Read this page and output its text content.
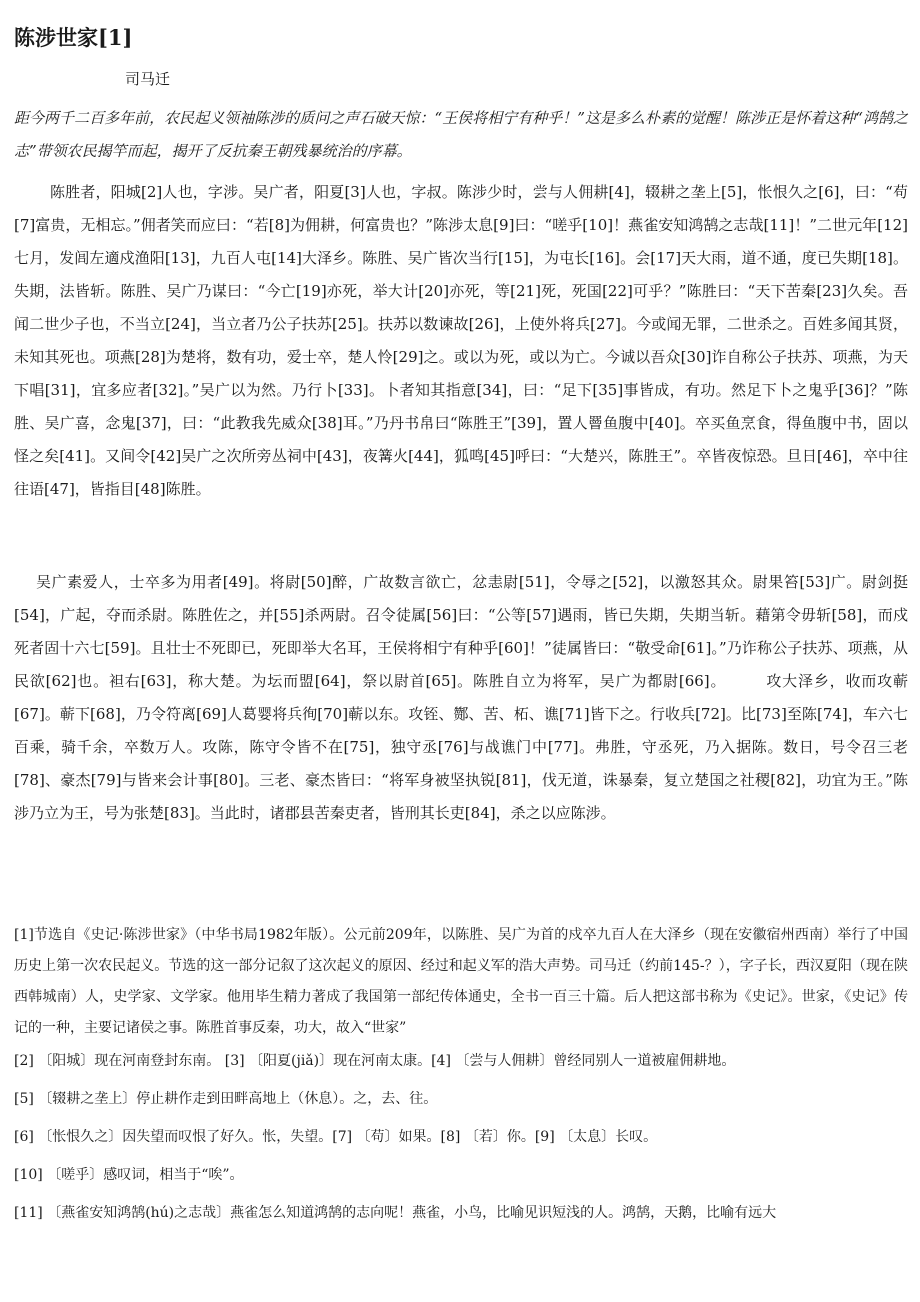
陈涉世家[1]
司马迁
距今两千二百多年前，农民起义领袖陈涉的质问之声石破天惊：“王侯将相宁有种乎！”这是多么朴素的觉醒！陈涉正是怀着这种“鸿鹄之志”带领农民揭竿而起，揭开了反抗秦王朝残暴统治的序幕。
陈胜者，阳城[2]人也，字涉。吴广者，阳夏[3]人也，字叔。陈涉少时，尝与人佣耕[4]，辍耕之垄上[5]，怅恨久之[6]，曰：“苟[7]富贵，无相忘。”佣者笑而应曰：“若[8]为佣耕，何富贵也？”陈涉太息[9]曰：“嗟乎[10]！燕雀安知鸿鹄之志哉[11]！”二世元年[12]七月，发闾左適戍渔阳[13]，九百人屯[14]大泽乡。陈胜、吴广皆次当行[15]，为屯长[16]。会[17]天大雨，道不通，度已失期[18]。失期，法皆斩。陈胜、吴广乃谋曰：“今亡[19]亦死，举大计[20]亦死，等[21]死，死国[22]可乎？”陈胜曰：“天下苦秦[23]久矣。吾闻二世少子也，不当立[24]，当立者乃公子扶苏[25]。扶苏以数谏故[26]，上使外将兵[27]。今或闻无罪，二世杀之。百姓多闻其贤，未知其死也。项燕[28]为楚将，数有功，爱士卒，楚人怜[29]之。或以为死，或以为亡。今诚以吾众[30]诈自称公子扶苏、项燕，为天下唱[31]，宜多应者[32]。”吴广以为然。乃行卜[33]。卜者知其指意[34]，曰：“足下[35]事皆成，有功。然足下卜之鬼乎[36]？”陈胜、吴广喜，念鬼[37]，曰：“此教我先威众[38]耳。”乃丹书帛曰“陈胜王”[39]，置人罾鱼腹中[40]。卒买鱼烹食，得鱼腹中书，固以怪之矣[41]。又间令[42]吴广之次所旁丛祠中[43]，夜篝火[44]，狐鸣[45]呼曰：“大楚兴，陈胜王”。卒皆夜惊恐。旦日[46]，卒中往往语[47]，皆指目[48]陈胜。
吴广素爱人，士卒多为用者[49]。将尉[50]醉，广故数言欲亡，忿恚尉[51]，令辱之[52]，以激怒其众。尉果笞[53]广。尉剑挺[54]，广起，夺而杀尉。陈胜佐之，并[55]杀两尉。召令徒属[56]曰：“公等[57]遇雨，皆已失期，失期当斩。藉第令毋斩[58]，而戍死者固十六七[59]。且壮士不死即已，死即举大名耳，王侯将相宁有种乎[60]！”徒属皆曰：“敬受命[61]。”乃诈称公子扶苏、项燕，从民欲[62]也。袒右[63]，称大楚。为坛而盟[64]，祭以尉首[65]。陈胜自立为将军，吴广为都尉[66]。　　　攻大泽乡，收而攻蕲[67]。蕲下[68]，乃令符离[69]人葛婴将兵徇[70]蕲以东。攻铚、酂、苦、柘、谯[71]皆下之。行收兵[72]。比[73]至陈[74]，车六七百乘，骑千余，卒数万人。攻陈，陈守令皆不在[75]，独守丞[76]与战谯门中[77]。弗胜，守丞死，乃入据陈。数日，号令召三老[78]、豪杰[79]与皆来会计事[80]。三老、豪杰皆曰：“将军身被坚执锐[81]，伐无道，诛暴秦，复立楚国之社稷[82]，功宜为王。”陈涉乃立为王，号为张楚[83]。当此时，诸郡县苦秦吏者，皆刑其长吏[84]，杀之以应陈涉。
[1]节选自《史记·陈涉世家》（中华书局1982年版）。公元前209年，以陈胜、吴广为首的戍卒九百人在大泽乡（现在安徽宿州西南）举行了中国历史上第一次农民起义。节选的这一部分记叙了这次起义的原因、经过和起义军的浩大声势。司马迁（约前145-？），字子长，西汉夏阳（现在陕西韩城南）人，史学家、文学家。他用毕生精力著成了我国第一部纪传体通史，全书一百三十篇。后人把这部书称为《史记》。世家，《史记》传记的一种，主要记诸侯之事。陈胜首事反秦，功大，故入“世家”
[2] 〔阳城〕现在河南登封东南。 [3] 〔阳夏(jiǎ)〕现在河南太康。[4] 〔尝与人佣耕〕曾经同别人一道被雇佣耕地。
[5] 〔辍耕之垄上〕停止耕作走到田畔高地上（休息）。之，去、往。
[6] 〔怅恨久之〕因失望而叹恨了好久。怅，失望。[7] 〔苟〕如果。[8] 〔若〕你。[9] 〔太息〕长叹。
[10] 〔嗟乎〕感叹词，相当于“唉”。
[11] 〔燕雀安知鸿鹄(hú)之志哉〕燕雀怎么知道鸿鹄的志向呢！燕雀，小鸟，比喻见识短浅的人。鸿鹄，天鹅，比喻有远大
